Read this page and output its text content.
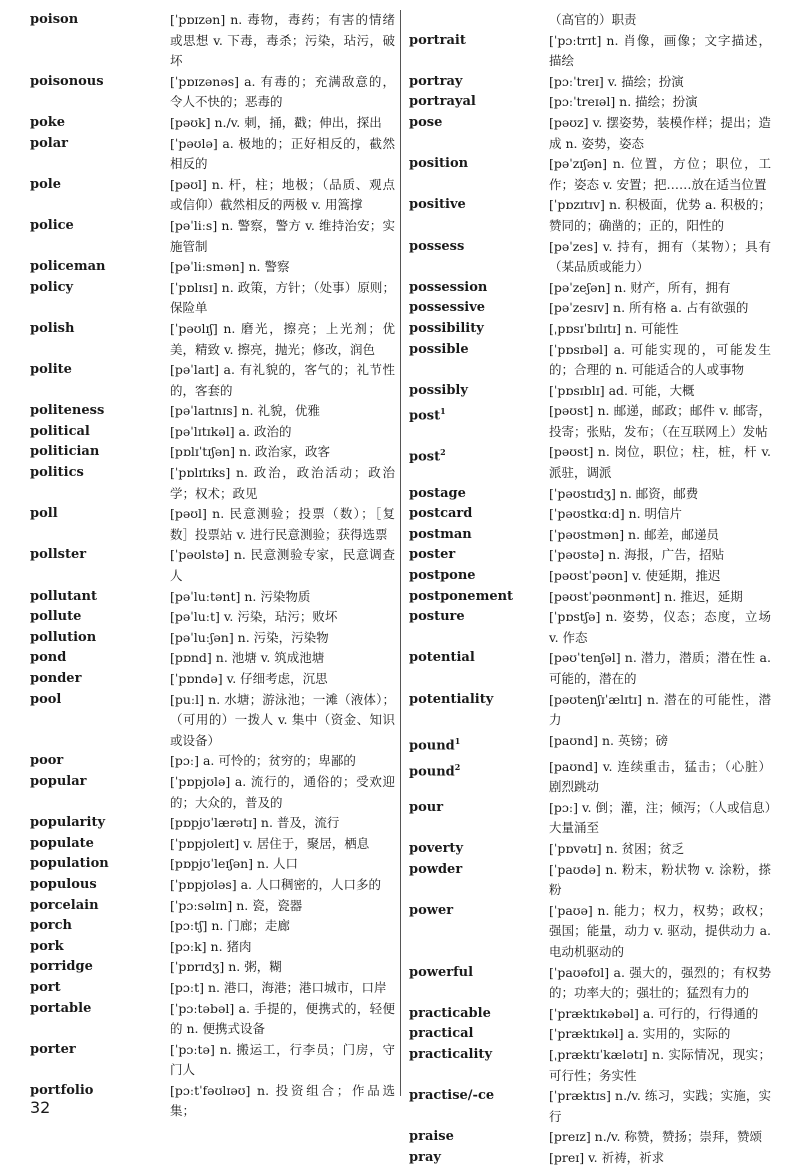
poison	[ˈpɒɪzən] n. 毒物，毒药；有害的情绪或思想 v. 下毒，毒杀；污染，玷污，破坏
poisonous	[ˈpɒɪzənəs] a. 有毒的；充满敌意的，令人不快的；恶毒的
poke	[pəʊk] n./v. 刺，捅，戳；伸出，探出
polar	[ˈpəʊlə] a. 极地的；正好相反的，截然相反的
pole	[pəʊl] n. 杆，柱；地极；（品质、观点或信仰）截然相反的两极 v. 用篙撑
police	[pəˈliːs] n. 警察，警方 v. 维持治安；实施管制
policeman	[pəˈliːsmən] n. 警察
policy	[ˈpɒlɪsɪ] n. 政策，方针；（处事）原则；保险单
polish	[ˈpəʊlɪʃ] n. 磨光，擦亮；上光剂；优美，精致 v. 擦亮，抛光；修改，润色
polite	[pəˈlaɪt] a. 有礼貌的，客气的；礼节性的，客套的
politeness	[pəˈlaɪtnɪs] n. 礼貌，优雅
political	[pəˈlɪtɪkəl] a. 政治的
politician	[pɒlɪˈtɪʃən] n. 政治家，政客
politics	[ˈpɒlɪtɪks] n. 政治，政治活动；政治学；权术；政见
poll	[pəʊl] n. 民意测验；投票（数）；［复数］投票站 v. 进行民意测验；获得选票
pollster	[ˈpəʊlstə] n. 民意测验专家，民意调查人
pollutant	[pəˈluːtənt] n. 污染物质
pollute	[pəˈluːt] v. 污染，玷污；败坏
pollution	[pəˈluːʃən] n. 污染，污染物
pond	[pɒnd] n. 池塘 v. 筑成池塘
ponder	[ˈpɒndə] v. 仔细考虑，沉思
pool	[puːl] n. 水塘；游泳池；一滩（液体）；（可用的）一拨人 v. 集中（资金、知识或设备）
poor	[pɔː] a. 可怜的；贫穷的；卑鄙的
popular	[ˈpɒpjʊlə] a. 流行的，通俗的；受欢迎的；大众的，普及的
popularity	[pɒpjʊˈlærətɪ] n. 普及，流行
populate	[ˈpɒpjʊleɪt] v. 居住于，聚居，栖息
population	[pɒpjʊˈleɪʃən] n. 人口
populous	[ˈpɒpjʊləs] a. 人口稠密的，人口多的
porcelain	[ˈpɔːsəlɪn] n. 瓷，瓷器
porch	[pɔːtʃ] n. 门廊；走廊
pork	[pɔːk] n. 猪肉
porridge	[ˈpɒrɪdʒ] n. 粥，糊
port	[pɔːt] n. 港口，海港；港口城市，口岸
portable	[ˈpɔːtəbəl] a. 手提的，便携式的，轻便的 n. 便携式设备
porter	[ˈpɔːtə] n. 搬运工，行李员；门房，守门人
portfolio	[pɔːtˈfəʊlɪəʊ] n. 投资组合；作品选集；
（高官的）职责
portrait	[ˈpɔːtrɪt] n. 肖像，画像；文字描述，描绘
portray	[pɔːˈtreɪ] v. 描绘；扮演
portrayal	[pɔːˈtreɪəl] n. 描绘；扮演
pose	[pəʊz] v. 摆姿势，装模作样；提出；造成 n. 姿势，姿态
position	[pəˈzɪʃən] n. 位置，方位；职位，工作；姿态 v. 安置；把……放在适当位置
positive	[ˈpɒzɪtɪv] n. 积极面，优势 a. 积极的；赞同的；确凿的；正的，阳性的
possess	[pəˈzes] v. 持有，拥有（某物）；具有（某品质或能力）
possession	[pəˈzeʃən] n. 财产，所有，拥有
possessive	[pəˈzesɪv] n. 所有格 a. 占有欲强的
possibility	[ˌpɒsɪˈbɪlɪtɪ] n. 可能性
possible	[ˈpɒsɪbəl] a. 可能实现的，可能发生的；合理的 n. 可能适合的人或事物
possibly	[ˈpɒsɪblɪ] ad. 可能，大概
post$^1$	[pəʊst] n. 邮递，邮政；邮件 v. 邮寄，投寄；张贴，发布；（在互联网上）发帖
post$^2$	[pəʊst] n. 岗位，职位；柱，桩，杆 v. 派驻，调派
postage	[ˈpəʊstɪdʒ] n. 邮资，邮费
postcard	[ˈpəʊstkɑːd] n. 明信片
postman	[ˈpəʊstmən] n. 邮差，邮递员
poster	[ˈpəʊstə] n. 海报，广告，招贴
postpone	[pəʊstˈpəʊn] v. 使延期，推迟
postponement	[pəʊstˈpəʊnmənt] n. 推迟，延期
posture	[ˈpɒstʃə] n. 姿势，仪态；态度，立场 v. 作态
potential	[pəʊˈtenʃəl] n. 潜力，潜质；潜在性 a. 可能的，潜在的
potentiality	[pəʊtenʃɪˈælɪtɪ] n. 潜在的可能性，潜力
pound$^1$	[paʊnd] n. 英镑；磅
pound$^2$	[paʊnd] v. 连续重击，猛击；（心脏）剧烈跳动
pour	[pɔː] v. 倒；灌，注；倾泻；（人或信息）大量涌至
poverty	[ˈpɒvətɪ] n. 贫困；贫乏
powder	[ˈpaʊdə] n. 粉末，粉状物 v. 涂粉，搽粉
power	[ˈpaʊə] n. 能力；权力，权势；政权；强国；能量，动力 v. 驱动，提供动力 a. 电动机驱动的
powerful	[ˈpaʊəfʊl] a. 强大的，强烈的；有权势的；功率大的；强壮的；猛烈有力的
practicable	[ˈpræktɪkəbəl] a. 可行的，行得通的
practical	[ˈpræktɪkəl] a. 实用的，实际的
practicality	[ˌpræktɪˈkælətɪ] n. 实际情况，现实；可行性；务实性
practise/-ce	[ˈpræktɪs] n./v. 练习，实践；实施，实行
praise	[preɪz] n./v. 称赞，赞扬；崇拜，赞颂
pray	[preɪ] v. 祈祷，祈求
32
